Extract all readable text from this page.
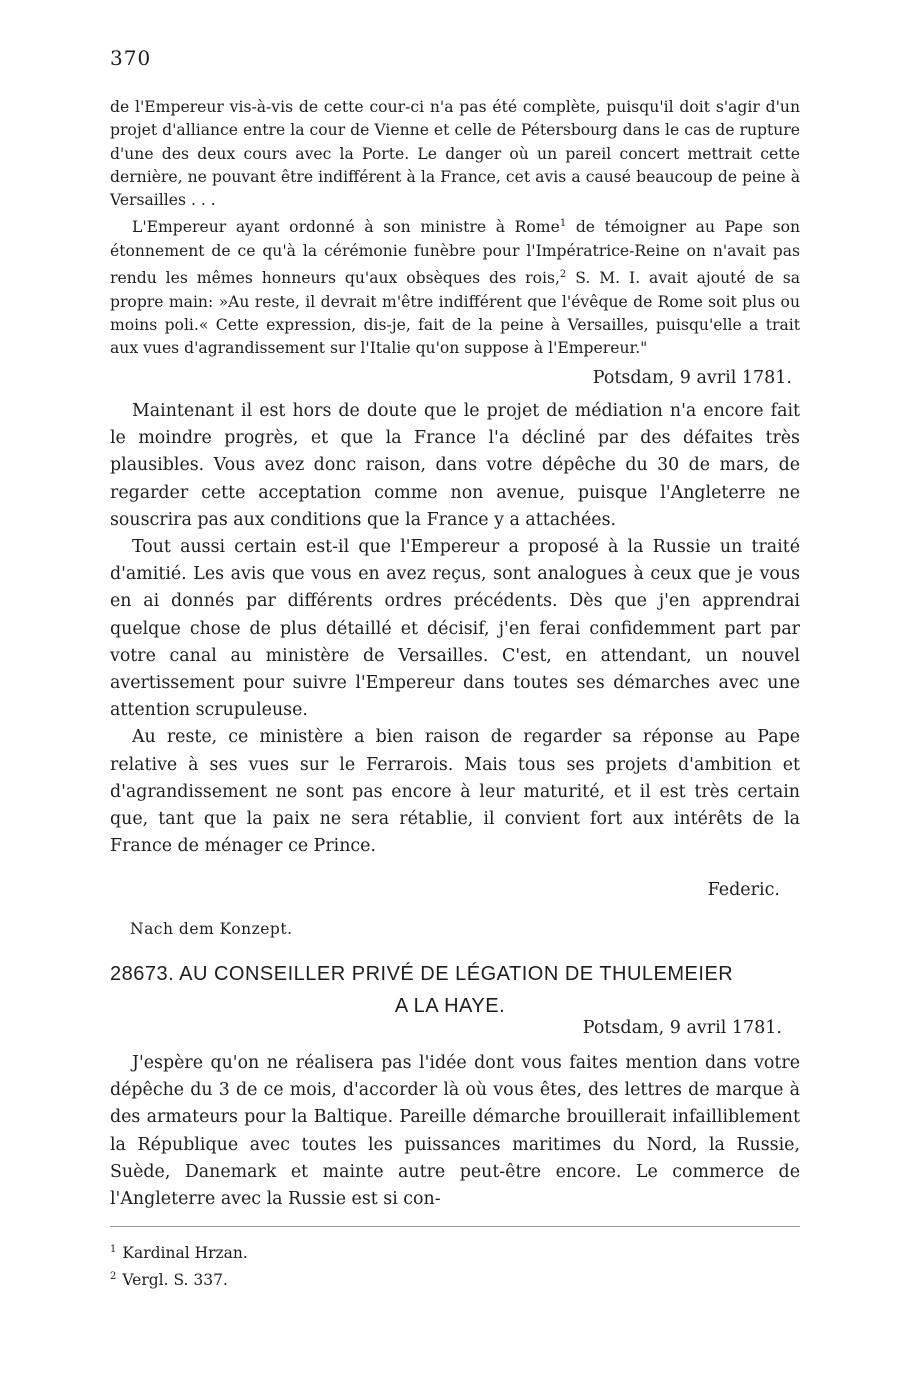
370

de l'Empereur vis-à-vis de cette cour-ci n'a pas été complète, puisqu'il doit s'agir d'un projet d'alliance entre la cour de Vienne et celle de Pétersbourg dans le cas de rupture d'une des deux cours avec la Porte. Le danger où un pareil concert mettrait cette dernière, ne pouvant être indifférent à la France, cet avis a causé beaucoup de peine à Versailles . . .

L'Empereur ayant ordonné à son ministre à Rome$^1$ de témoigner au Pape son étonnement de ce qu'à la cérémonie funèbre pour l'Impératrice-Reine on n'avait pas rendu les mêmes honneurs qu'aux obsèques des rois,$^2$ S. M. I. avait ajouté de sa propre main: »Au reste, il devrait m'être indifférent que l'évêque de Rome soit plus ou moins poli.« Cette expression, dis-je, fait de la peine à Versailles, puisqu'elle a trait aux vues d'agrandissement sur l'Italie qu'on suppose à l'Empereur."

Potsdam, 9 avril 1781.

Maintenant il est hors de doute que le projet de médiation n'a encore fait le moindre progrès, et que la France l'a décliné par des défaites très plausibles. Vous avez donc raison, dans votre dépêche du 30 de mars, de regarder cette acceptation comme non avenue, puisque l'Angleterre ne souscrira pas aux conditions que la France y a attachées.

Tout aussi certain est-il que l'Empereur a proposé à la Russie un traité d'amitié. Les avis que vous en avez reçus, sont analogues à ceux que je vous en ai donnés par différents ordres précédents. Dès que j'en apprendrai quelque chose de plus détaillé et décisif, j'en ferai confidemment part par votre canal au ministère de Versailles. C'est, en attendant, un nouvel avertissement pour suivre l'Empereur dans toutes ses démarches avec une attention scrupuleuse.

Au reste, ce ministère a bien raison de regarder sa réponse au Pape relative à ses vues sur le Ferrarois. Mais tous ses projets d'ambition et d'agrandissement ne sont pas encore à leur maturité, et il est très certain que, tant que la paix ne sera rétablie, il convient fort aux intérêts de la France de ménager ce Prince.

Federic.
Nach dem Konzept.
28673. AU CONSEILLER PRIVÉ DE LÉGATION DE THULEMEIER
A LA HAYE.
Potsdam, 9 avril 1781.

J'espère qu'on ne réalisera pas l'idée dont vous faites mention dans votre dépêche du 3 de ce mois, d'accorder là où vous êtes, des lettres de marque à des armateurs pour la Baltique. Pareille démarche brouillerait infailliblement la République avec toutes les puissances maritimes du Nord, la Russie, Suède, Danemark et mainte autre peut-être encore. Le commerce de l'Angleterre avec la Russie est si con-

$^1$ Kardinal Hrzan.
$^2$ Vergl. S. 337.
